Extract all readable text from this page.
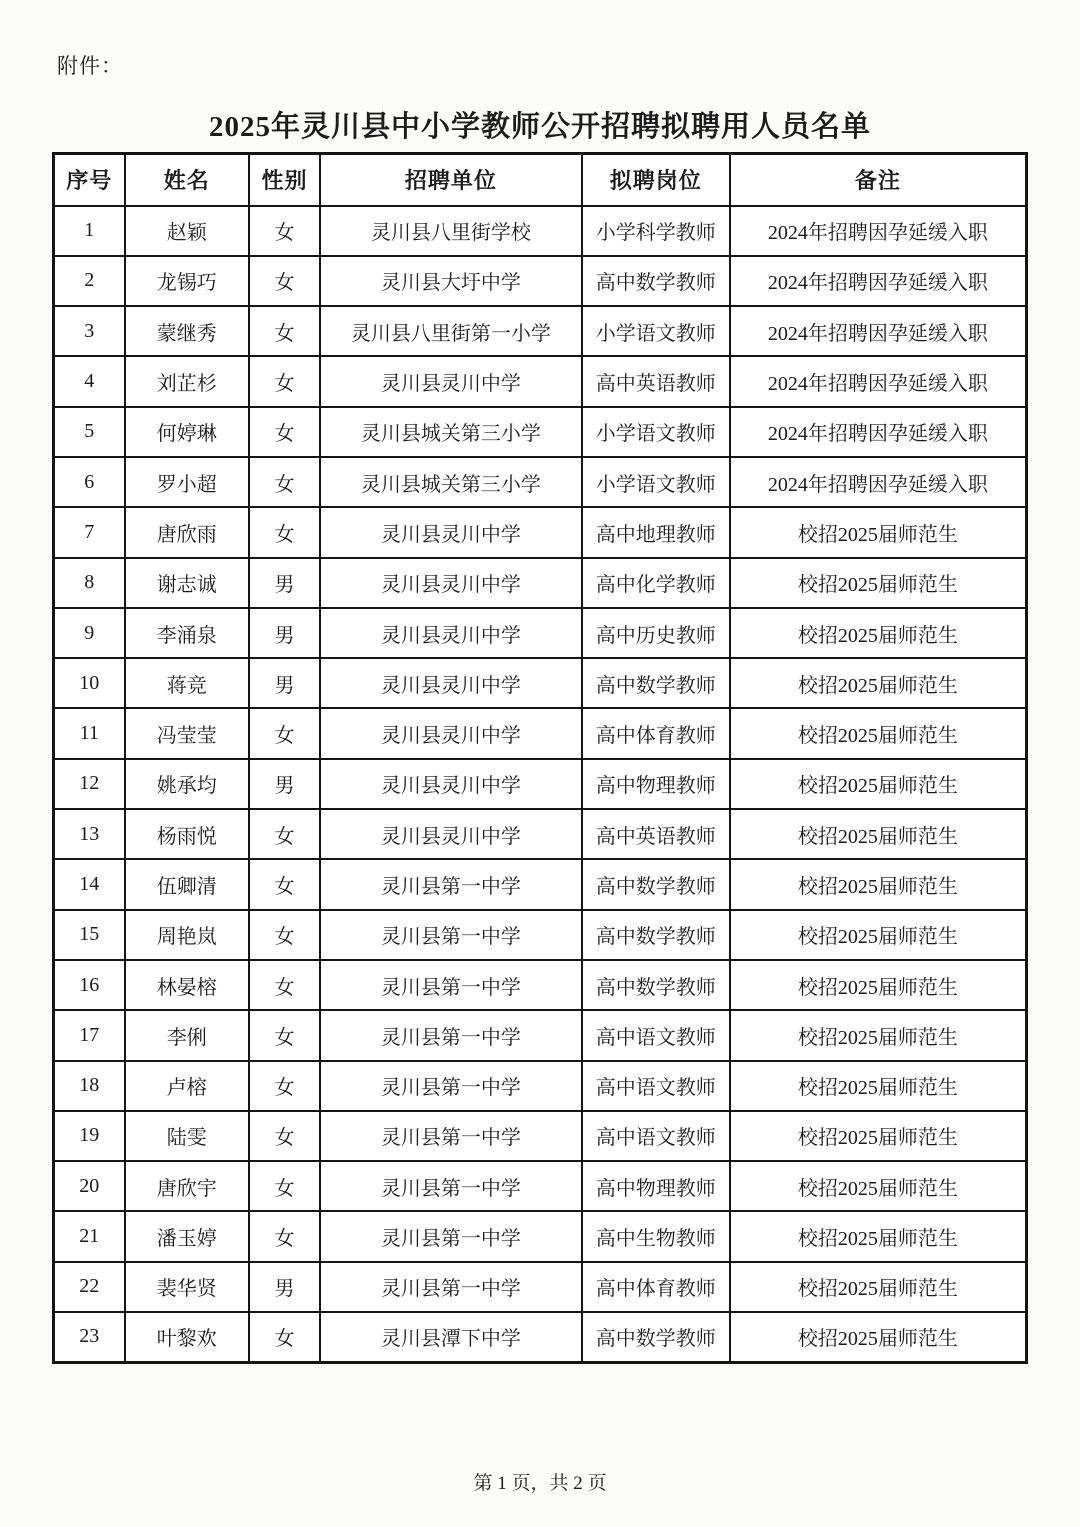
附件：
2025年灵川县中小学教师公开招聘拟聘用人员名单
序号	姓名	性别	招聘单位	拟聘岗位	备注
1	赵颖	女	灵川县八里街学校	小学科学教师	2024年招聘因孕延缓入职
2	龙锡巧	女	灵川县大圩中学	高中数学教师	2024年招聘因孕延缓入职
3	蒙继秀	女	灵川县八里街第一小学	小学语文教师	2024年招聘因孕延缓入职
4	刘芷杉	女	灵川县灵川中学	高中英语教师	2024年招聘因孕延缓入职
5	何婷琳	女	灵川县城关第三小学	小学语文教师	2024年招聘因孕延缓入职
6	罗小超	女	灵川县城关第三小学	小学语文教师	2024年招聘因孕延缓入职
7	唐欣雨	女	灵川县灵川中学	高中地理教师	校招2025届师范生
8	谢志诚	男	灵川县灵川中学	高中化学教师	校招2025届师范生
9	李涌泉	男	灵川县灵川中学	高中历史教师	校招2025届师范生
10	蒋竞	男	灵川县灵川中学	高中数学教师	校招2025届师范生
11	冯莹莹	女	灵川县灵川中学	高中体育教师	校招2025届师范生
12	姚承均	男	灵川县灵川中学	高中物理教师	校招2025届师范生
13	杨雨悦	女	灵川县灵川中学	高中英语教师	校招2025届师范生
14	伍卿清	女	灵川县第一中学	高中数学教师	校招2025届师范生
15	周艳岚	女	灵川县第一中学	高中数学教师	校招2025届师范生
16	林晏榕	女	灵川县第一中学	高中数学教师	校招2025届师范生
17	李俐	女	灵川县第一中学	高中语文教师	校招2025届师范生
18	卢榕	女	灵川县第一中学	高中语文教师	校招2025届师范生
19	陆雯	女	灵川县第一中学	高中语文教师	校招2025届师范生
20	唐欣宇	女	灵川县第一中学	高中物理教师	校招2025届师范生
21	潘玉婷	女	灵川县第一中学	高中生物教师	校招2025届师范生
22	裴华贤	男	灵川县第一中学	高中体育教师	校招2025届师范生
23	叶黎欢	女	灵川县潭下中学	高中数学教师	校招2025届师范生
第 1 页，共 2 页
